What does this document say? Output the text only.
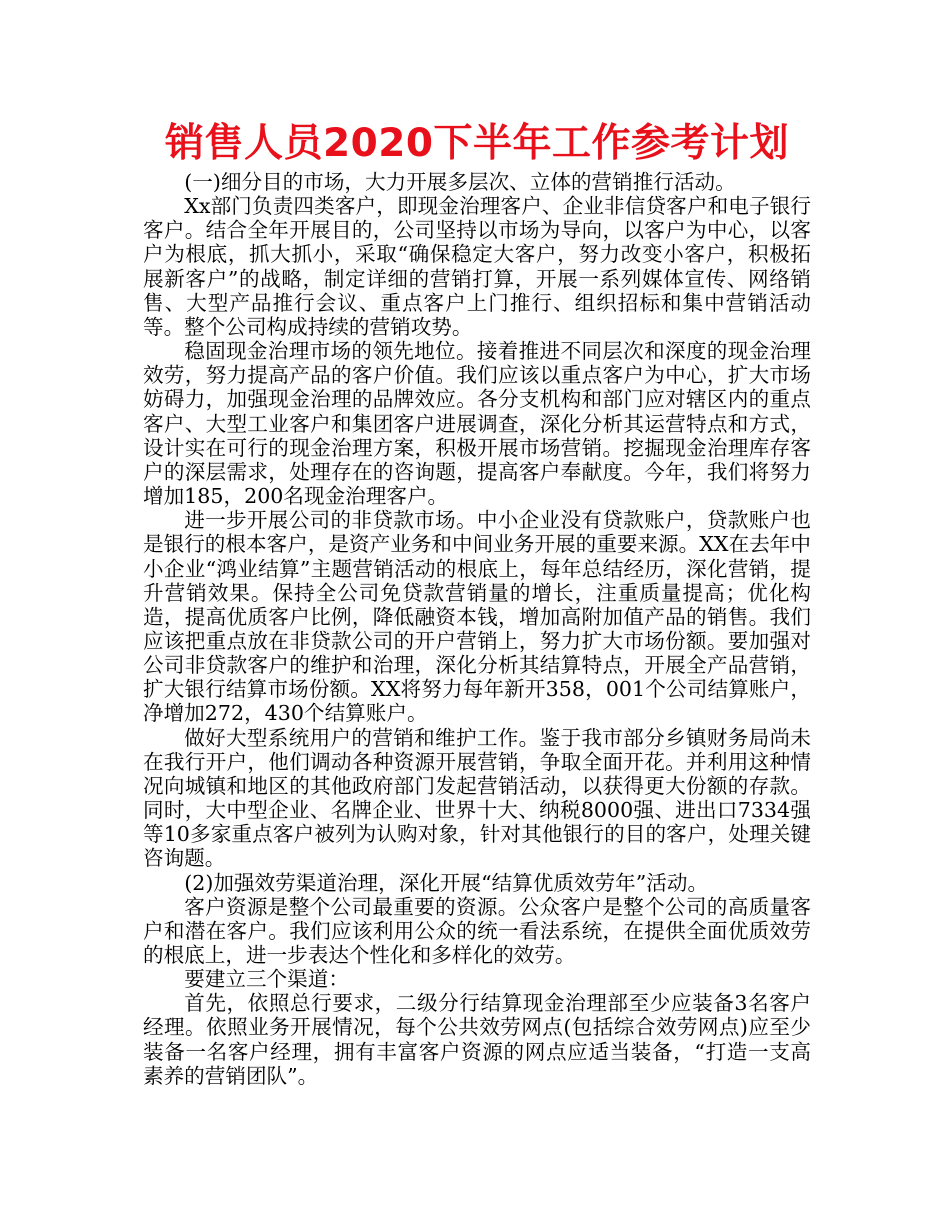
销售人员2020下半年工作参考计划

(一)细分目的市场，大力开展多层次、立体的营销推行活动。

Xx部门负责四类客户，即现金治理客户、企业非信贷客户和电子银行客户。结合全年开展目的，公司坚持以市场为导向，以客户为中心，以客户为根底，抓大抓小，采取“确保稳定大客户，努力改变小客户，积极拓展新客户”的战略，制定详细的营销打算，开展一系列媒体宣传、网络销售、大型产品推行会议、重点客户上门推行、组织招标和集中营销活动等。整个公司构成持续的营销攻势。

稳固现金治理市场的领先地位。接着推进不同层次和深度的现金治理效劳，努力提高产品的客户价值。我们应该以重点客户为中心，扩大市场妨碍力，加强现金治理的品牌效应。各分支机构和部门应对辖区内的重点客户、大型工业客户和集团客户进展调查，深化分析其运营特点和方式，设计实在可行的现金治理方案，积极开展市场营销。挖掘现金治理库存客户的深层需求，处理存在的咨询题，提高客户奉献度。今年，我们将努力增加185，200名现金治理客户。

进一步开展公司的非贷款市场。中小企业没有贷款账户，贷款账户也是银行的根本客户，是资产业务和中间业务开展的重要来源。XX在去年中小企业“鸿业结算”主题营销活动的根底上，每年总结经历，深化营销，提升营销效果。保持全公司免贷款营销量的增长，注重质量提高；优化构造，提高优质客户比例，降低融资本钱，增加高附加值产品的销售。我们应该把重点放在非贷款公司的开户营销上，努力扩大市场份额。要加强对公司非贷款客户的维护和治理，深化分析其结算特点，开展全产品营销，扩大银行结算市场份额。XX将努力每年新开358，001个公司结算账户，净增加272，430个结算账户。

做好大型系统用户的营销和维护工作。鉴于我市部分乡镇财务局尚未在我行开户，他们调动各种资源开展营销，争取全面开花。并利用这种情况向城镇和地区的其他政府部门发起营销活动，以获得更大份额的存款。同时，大中型企业、名牌企业、世界十大、纳税8000强、进出口7334强等10多家重点客户被列为认购对象，针对其他银行的目的客户，处理关键咨询题。

(2)加强效劳渠道治理，深化开展“结算优质效劳年”活动。

客户资源是整个公司最重要的资源。公众客户是整个公司的高质量客户和潜在客户。我们应该利用公众的统一看法系统，在提供全面优质效劳的根底上，进一步表达个性化和多样化的效劳。

要建立三个渠道：

首先，依照总行要求，二级分行结算现金治理部至少应装备3名客户经理。依照业务开展情况，每个公共效劳网点(包括综合效劳网点)应至少装备一名客户经理，拥有丰富客户资源的网点应适当装备，“打造一支高素养的营销团队”。
